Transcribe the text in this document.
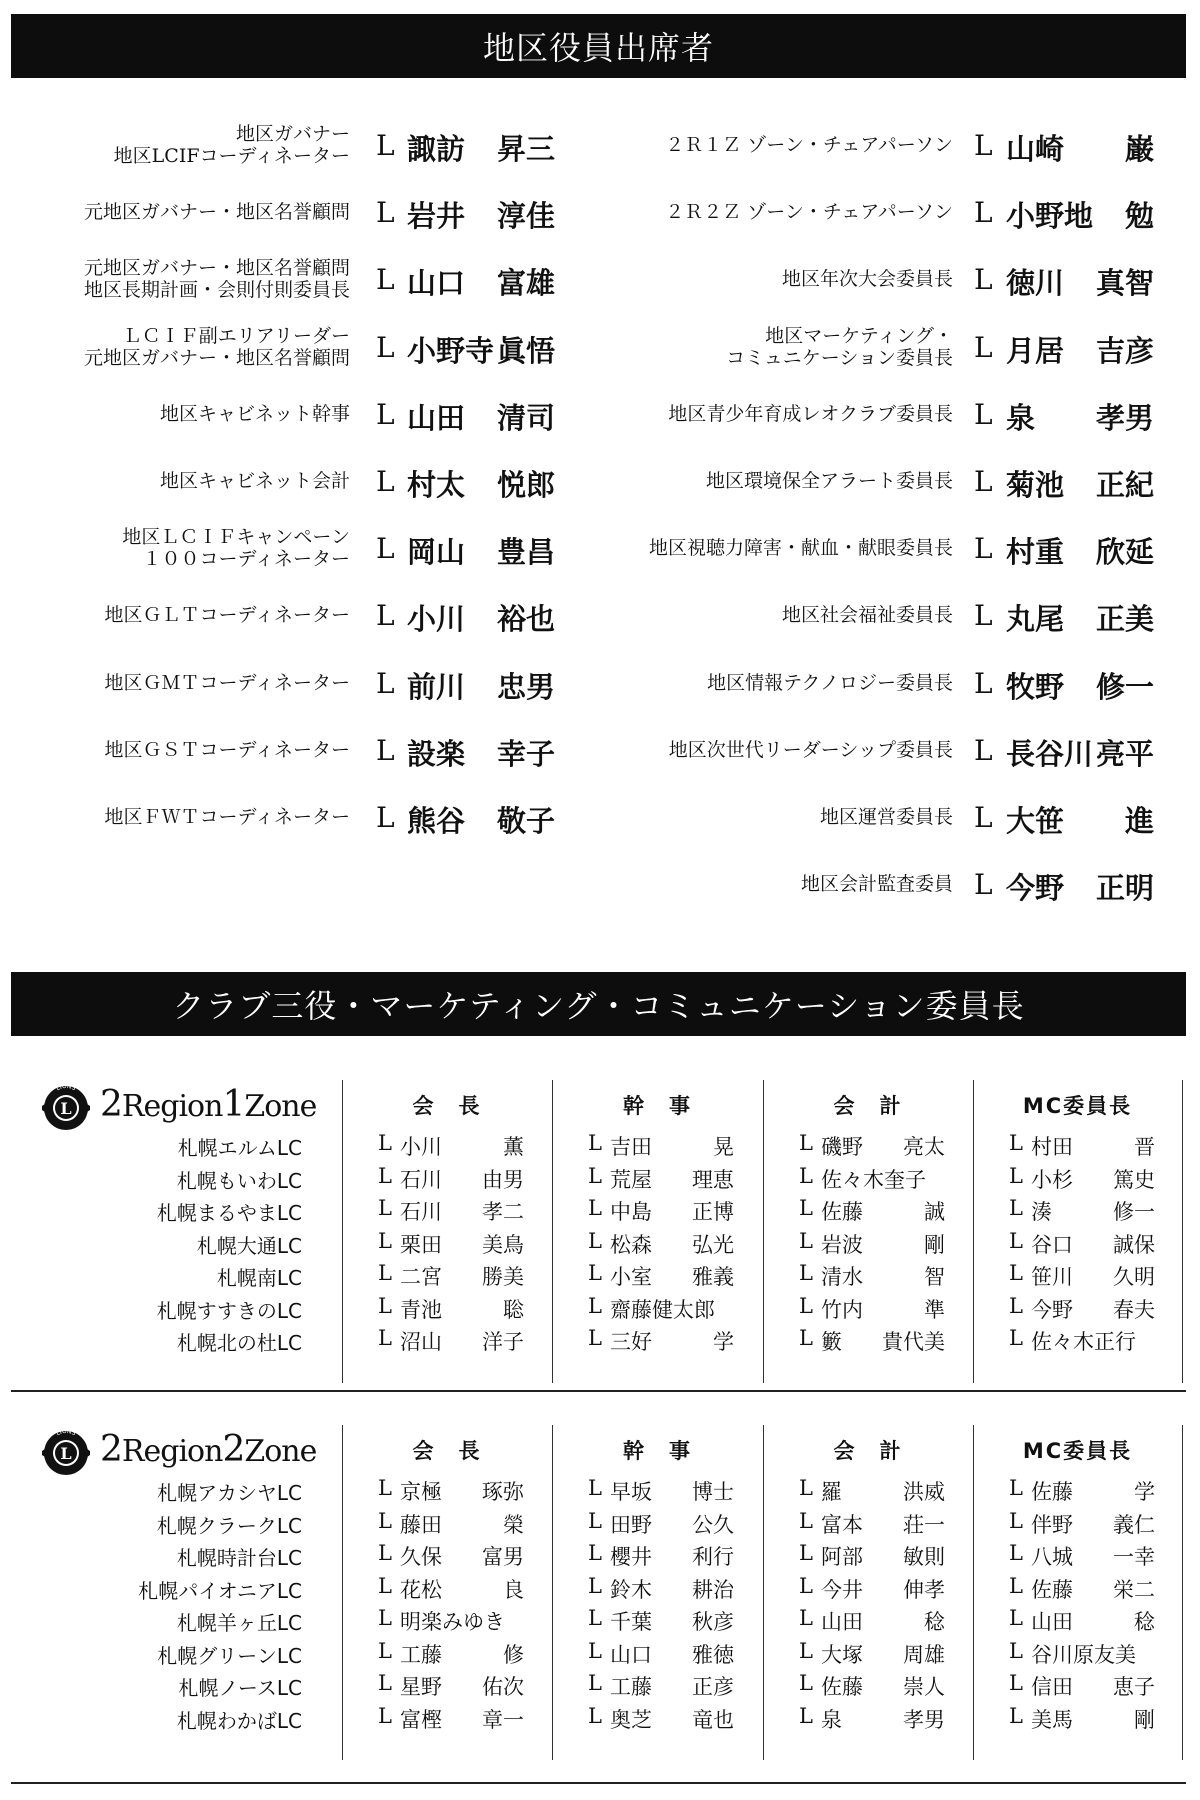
地区役員出席者
地区ガバナー
地区LCIFコーディネーター L 諏訪 昇三
元地区ガバナー・地区名誉顧問 L 岩井 淳佳
元地区ガバナー・地区名誉顧問
地区長期計画・会則付則委員長 L 山口 富雄
ＬＣＩＦ副エリアリーダー
元地区ガバナー・地区名誉顧問 L 小野寺 眞悟
地区キャビネット幹事 L 山田 清司
地区キャビネット会計 L 村太 悦郎
地区ＬＣＩＦキャンペーン
１００コーディネーター L 岡山 豊昌
地区ＧＬＴコーディネーター L 小川 裕也
地区ＧＭＴコーディネーター L 前川 忠男
地区ＧＳＴコーディネーター L 設楽 幸子
地区ＦＷＴコーディネーター L 熊谷 敬子
２Ｒ１Ｚ ゾーン・チェアパーソン L 山崎 巌
２Ｒ２Ｚ ゾーン・チェアパーソン L 小野地 勉
地区年次大会委員長 L 徳川 真智
地区マーケティング・
コミュニケーション委員長 L 月居 吉彦
地区青少年育成レオクラブ委員長 L 泉 孝男
地区環境保全アラート委員長 L 菊池 正紀
地区視聴力障害・献血・献眼委員長 L 村重 欣延
地区社会福祉委員長 L 丸尾 正美
地区情報テクノロジー委員長 L 牧野 修一
地区次世代リーダーシップ委員長 L 長谷川 亮平
地区運営委員長 L 大笹 進
地区会計監査委員 L 今野 正明
クラブ三役・マーケティング・コミュニケーション委員長
L
LIONS 2Region1Zone	会　長	幹　事	会　計	MC委員長
札幌エルムLC	L 小川	薫	L 吉田	晃	L 磯野 亮太	L 村田	晋
札幌もいわLC	L 石川 由男	L 荒屋 理恵	L 佐々木奎子	L 小杉 篤史
札幌まるやまLC	L 石川 孝二	L 中島 正博	L 佐藤	誠	L 湊	修一
札幌大通LC	L 栗田 美鳥	L 松森 弘光	L 岩波	剛	L 谷口 誠保
札幌南LC	L 二宮 勝美	L 小室 雅義	L 清水	智	L 笹川 久明
札幌すすきのLC	L 青池	聡	L 齋藤健太郎	L 竹内	準	L 今野 春夫
札幌北の杜LC	L 沼山 洋子	L 三好	学	L 籔 貴代美	L 佐々木正行
L
LIONS 2Region2Zone	会　長	幹　事	会　計	MC委員長
札幌アカシヤLC	L 京極 琢弥	L 早坂 博士	L 羅	洪威	L 佐藤	学
札幌クラークLC	L 藤田	榮	L 田野 公久	L 富本 荘一	L 伴野 義仁
札幌時計台LC	L 久保 富男	L 櫻井 利行	L 阿部 敏則	L 八城 一幸
札幌パイオニアLC	L 花松	良	L 鈴木 耕治	L 今井 伸孝	L 佐藤 栄二
札幌羊ヶ丘LC	L 明楽みゆき	L 千葉 秋彦	L 山田	稔	L 山田	稔
札幌グリーンLC	L 工藤	修	L 山口 雅徳	L 大塚 周雄	L 谷川原友美
札幌ノースLC	L 星野 佑次	L 工藤 正彦	L 佐藤 崇人	L 信田 恵子
札幌わかばLC	L 富樫 章一	L 奥芝 竜也	L 泉	孝男	L 美馬	剛
